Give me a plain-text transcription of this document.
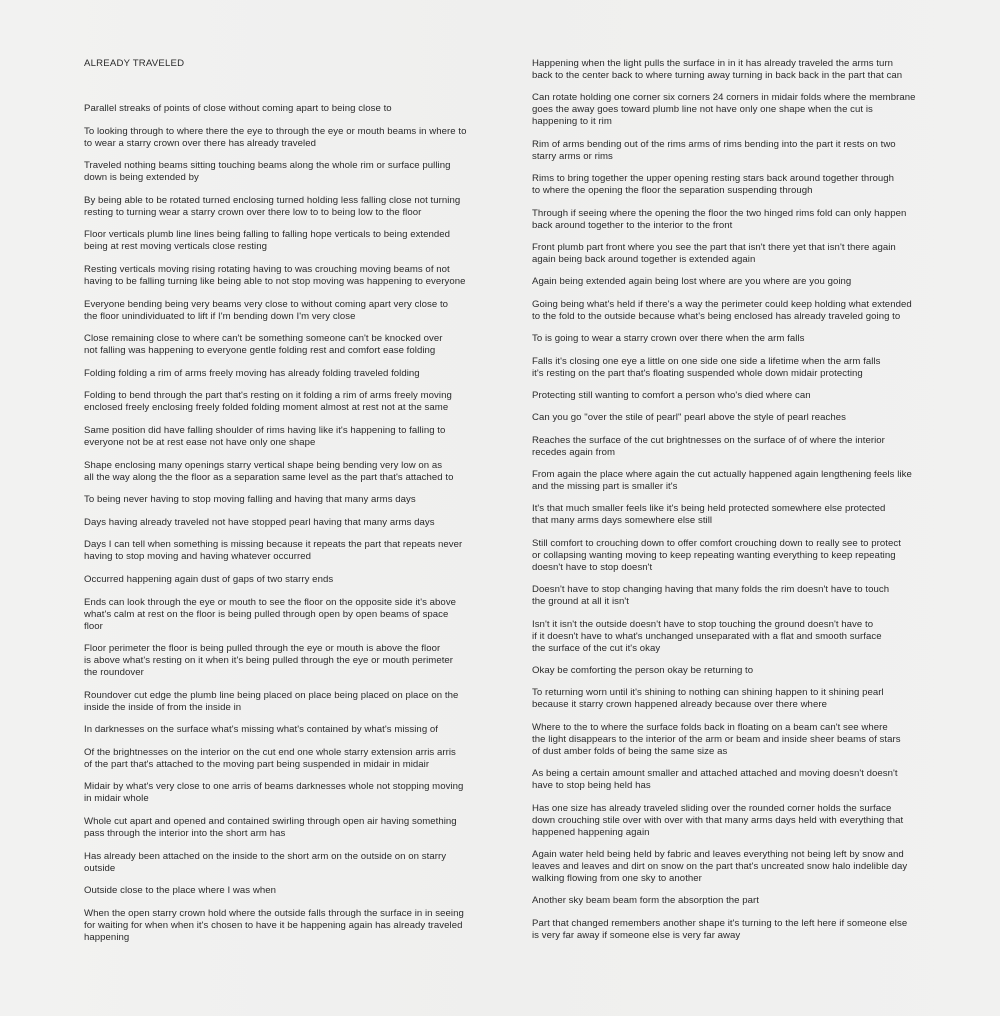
ALREADY TRAVELED
Parallel streaks of points of close without coming apart to being close to
To looking through to where there the eye to through the eye or mouth beams in where to
to wear a starry crown over there has already traveled
Traveled nothing beams sitting touching beams along the whole rim or surface pulling
down is being extended by
By being able to be rotated turned enclosing turned holding less falling close not turning
resting to turning wear a starry crown over there low to to being low to the floor
Floor verticals plumb line lines being falling to falling hope verticals to being extended
being at rest moving verticals close resting
Resting verticals moving rising rotating having to was crouching moving beams of not
having to be falling turning like being able to not stop moving was happening to everyone
Everyone bending being very beams very close to without coming apart very close to
the floor unindividuated to lift if I'm bending down I'm very close
Close remaining close to where can't be something someone can't be knocked over
not falling was happening to everyone gentle folding rest and comfort ease folding
Folding folding a rim of arms freely moving has already folding traveled folding
Folding to bend through the part that's resting on it folding a rim of arms freely moving
enclosed freely enclosing freely folded folding moment almost at rest not at the same
Same position did have falling shoulder of rims having like it's happening to falling to
everyone not be at rest ease not have only one shape
Shape enclosing many openings starry vertical shape being bending very low on as
all the way along the the floor as a separation same level as the part that's attached to
To being never having to stop moving falling and having that many arms days
Days having already traveled not have stopped pearl having that many arms days
Days I can tell when something is missing because it repeats the part that repeats never
having to stop moving and having whatever occurred
Occurred happening again dust of gaps of two starry ends
Ends can look through the eye or mouth to see the floor on the opposite side it's above
what's calm at rest on the floor is being pulled through open by open beams of space
floor
Floor perimeter the floor is being pulled through the eye or mouth is above the floor
is above what's resting on it when it's being pulled through the eye or mouth perimeter
the roundover
Roundover cut edge the plumb line being placed on place being placed on place on the
inside the inside of from the inside in
In darknesses on the surface what's missing what's contained by what's missing of
Of the brightnesses on the interior on the cut end one whole starry extension arris arris
of the part that's attached to the moving part being suspended in midair in midair
Midair by what's very close to one arris of beams darknesses whole not stopping moving
in midair whole
Whole cut apart and opened and contained swirling through open air having something
pass through the interior into the short arm has
Has already been attached on the inside to the short arm on the outside on on starry
outside
Outside close to the place where I was when
When the open starry crown hold where the outside falls through the surface in in seeing
for waiting for when when it's chosen to have it be happening again has already traveled
happening
Happening when the light pulls the surface in in it has already traveled the arms turn
back to the center back to where turning away turning in back back in the part that can
Can rotate holding one corner six corners 24 corners in midair folds where the membrane
goes the away goes toward plumb line not have only one shape when the cut is
happening to it rim
Rim of arms bending out of the rims arms of rims bending into the part it rests on two
starry arms or rims
Rims to bring together the upper opening resting stars back around together through
to where the opening the floor the separation suspending through
Through if seeing where the opening the floor the two hinged rims fold can only happen
back around together to the interior to the front
Front plumb part front where you see the part that isn't there yet that isn't there again
again being back around together is extended again
Again being extended again being lost where are you where are you going
Going being what's held if there's a way the perimeter could keep holding what extended
to the fold to the outside because what's being enclosed has already traveled going to
To is going to wear a starry crown over there when the arm falls
Falls it's closing one eye a little on one side one side a lifetime when the arm falls
it's resting on the part that's floating suspended whole down midair protecting
Protecting still wanting to comfort a person who's died where can
Can you go "over the stile of pearl" pearl above the style of pearl reaches
Reaches the surface of the cut brightnesses on the surface of of where the interior
recedes again from
From again the place where again the cut actually happened again lengthening feels like
and the missing part is smaller it's
It's that much smaller feels like it's being held protected somewhere else protected
that many arms days somewhere else still
Still comfort to crouching down to offer comfort crouching down to really see to protect
or collapsing wanting moving to keep repeating wanting everything to keep repeating
doesn't have to stop doesn't
Doesn't have to stop changing having that many folds the rim doesn't have to touch
the ground at all it isn't
Isn't it isn't the outside doesn't have to stop touching the ground doesn't have to
if it doesn't have to what's unchanged unseparated with a flat and smooth surface
the surface of the cut it's okay
Okay be comforting the person okay be returning to
To returning worn until it's shining to nothing can shining happen to it shining pearl
because it starry crown happened already because over there where
Where to the to where the surface folds back in floating on a beam can't see where
the light disappears to the interior of the arm or beam and inside sheer beams of stars
of dust amber folds of being the same size as
As being a certain amount smaller and attached attached and moving doesn't doesn't
have to stop being held has
Has one size has already traveled sliding over the rounded corner holds the surface
down crouching stile over with over with that many arms days held with everything that
happened happening again
Again water held being held by fabric and leaves everything not being left by snow and
leaves and leaves and dirt on snow on the part that's uncreated snow halo indelible day
walking flowing from one sky to another
Another sky beam beam form the absorption the part
Part that changed remembers another shape it's turning to the left here if someone else
is very far away if someone else is very far away
